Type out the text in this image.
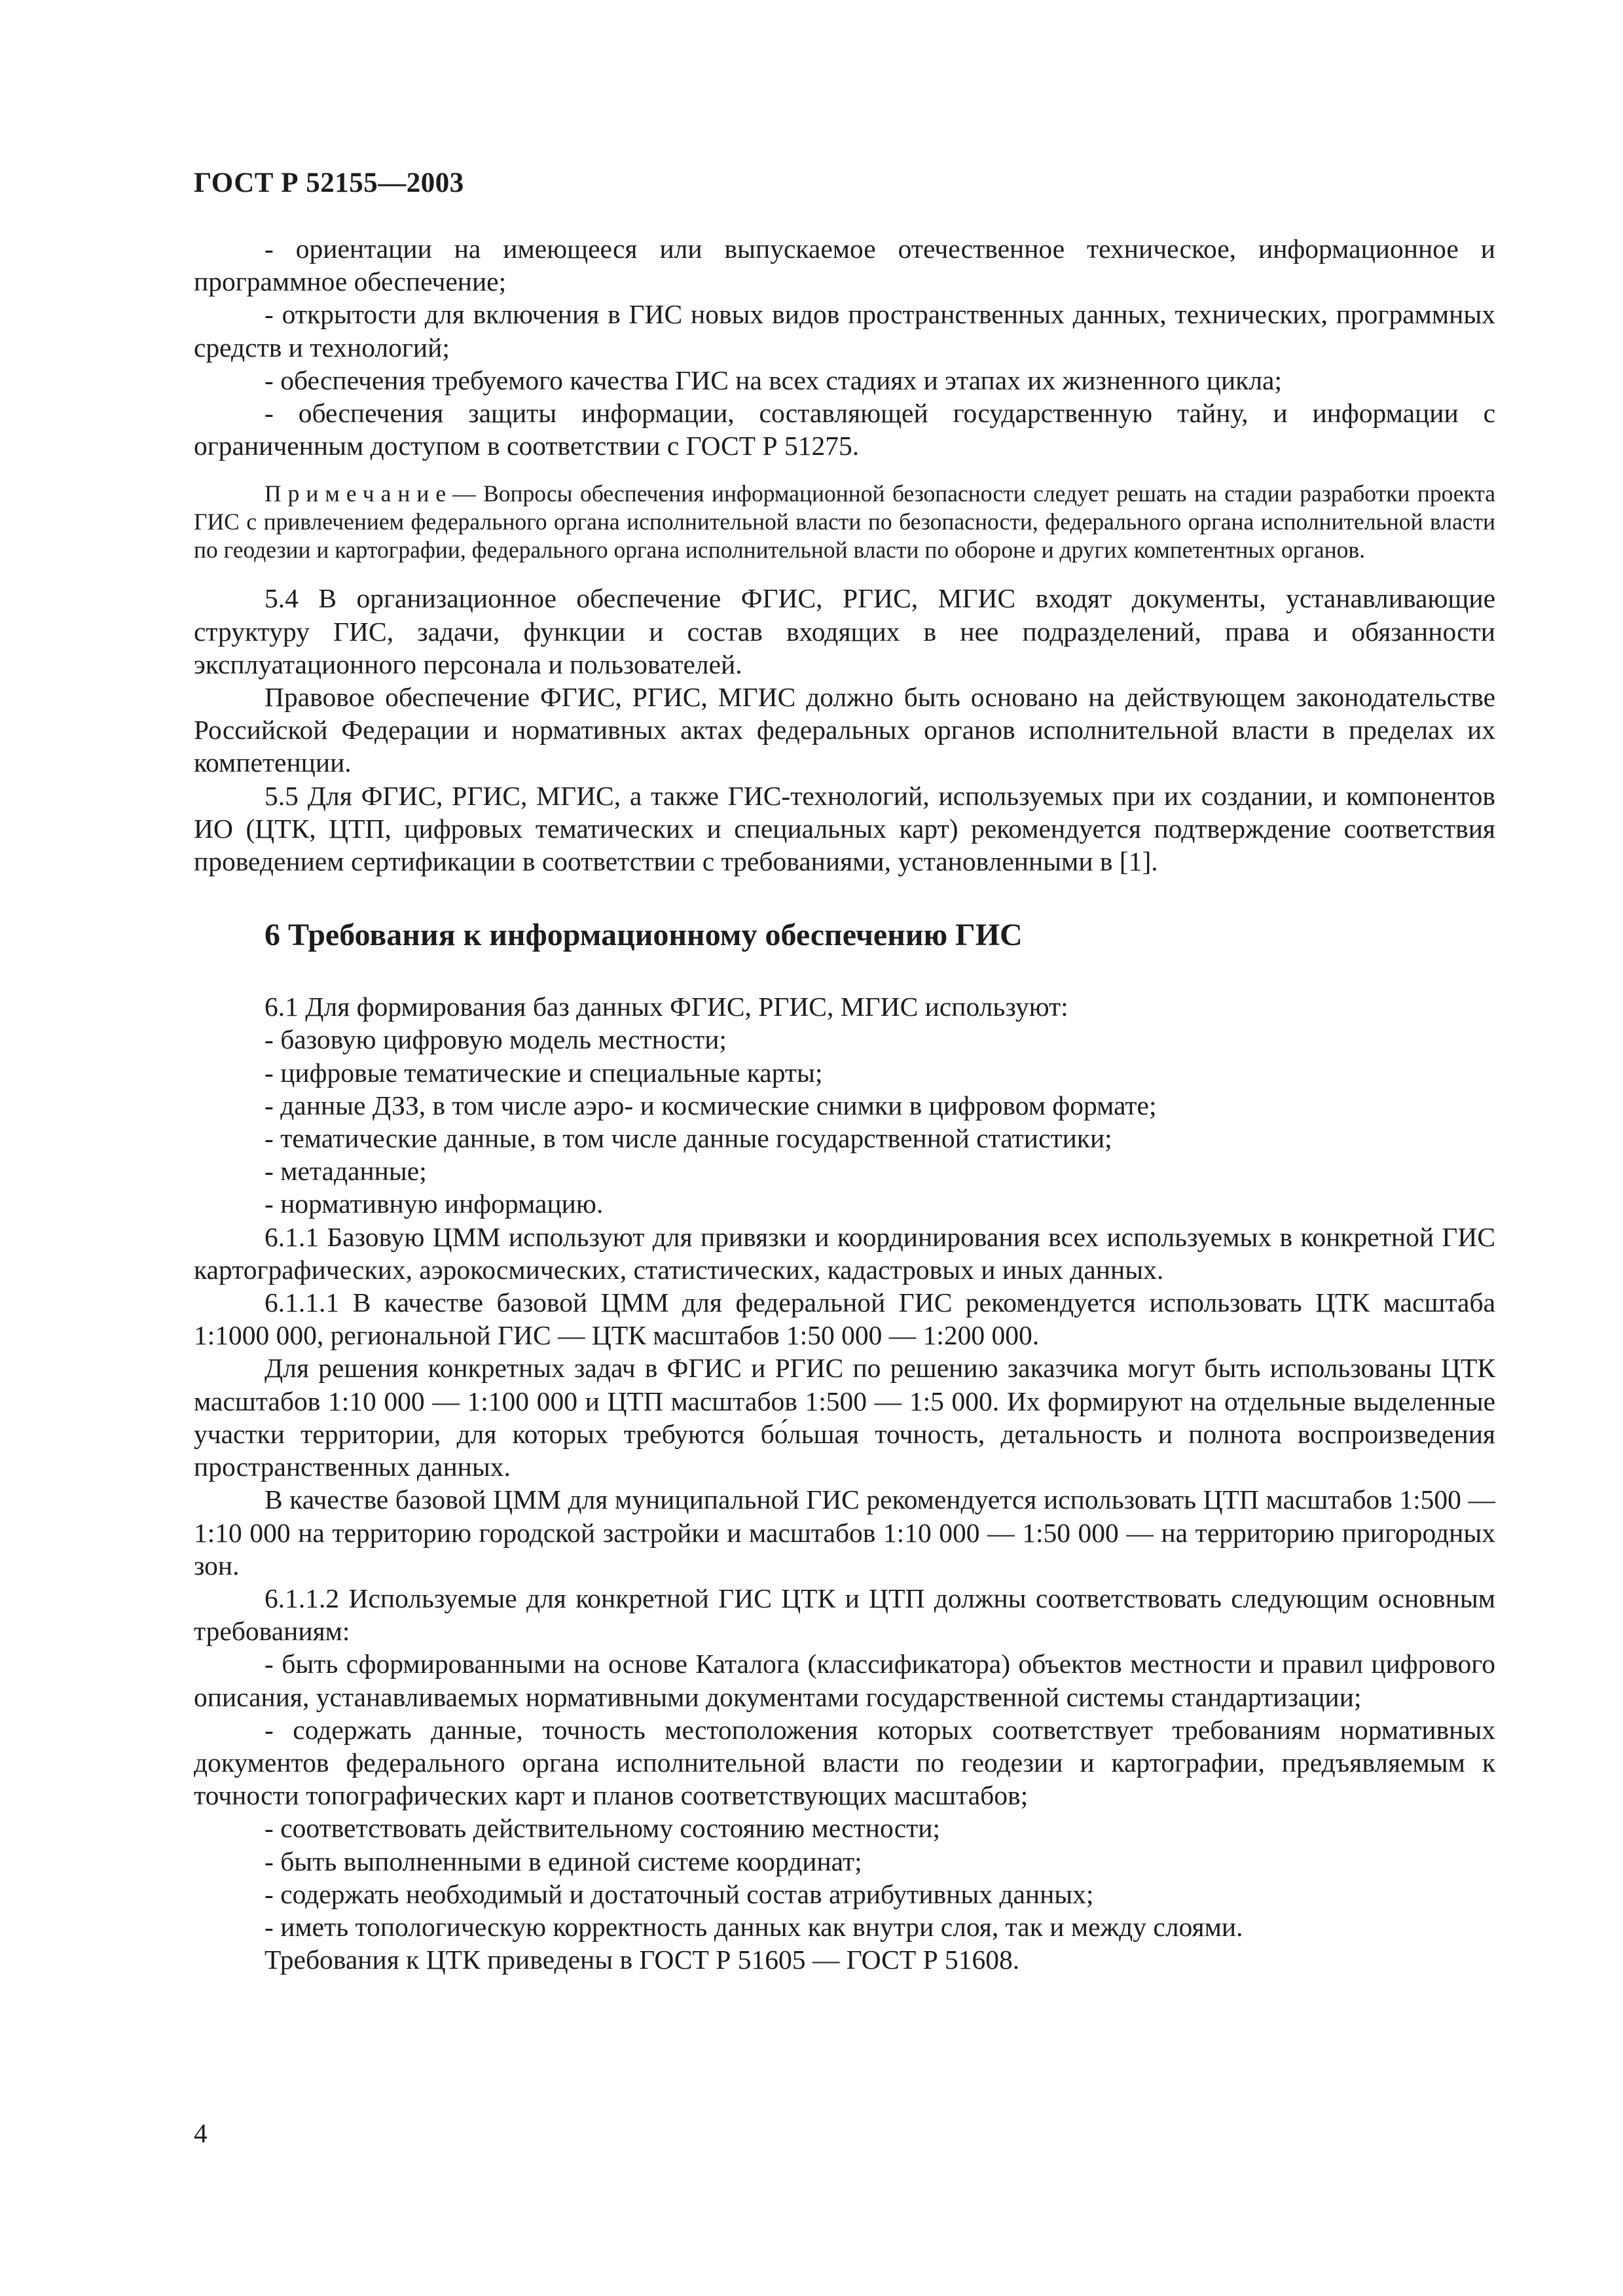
ГОСТ Р 52155—2003

- ориентации на имеющееся или выпускаемое отечественное техническое, информационное и программное обеспечение;

- открытости для включения в ГИС новых видов пространственных данных, технических, программных средств и технологий;

- обеспечения требуемого качества ГИС на всех стадиях и этапах их жизненного цикла;

- обеспечения защиты информации, составляющей государственную тайну, и информации с ограниченным доступом в соответствии с ГОСТ Р 51275.

Примечание— Вопросы обеспечения информационной безопасности следует решать на стадии разработки проекта ГИС с привлечением федерального органа исполнительной власти по безопасности, федерального органа исполнительной власти по геодезии и картографии, федерального органа исполнительной власти по обороне и других компетентных органов.

5.4 В организационное обеспечение ФГИС, РГИС, МГИС входят документы, устанавливающие структуру ГИС, задачи, функции и состав входящих в нее подразделений, права и обязанности эксплуатационного персонала и пользователей.

Правовое обеспечение ФГИС, РГИС, МГИС должно быть основано на действующем законодательстве Российской Федерации и нормативных актах федеральных органов исполнительной власти в пределах их компетенции.

5.5 Для ФГИС, РГИС, МГИС, а также ГИС-технологий, используемых при их создании, и компонентов ИО (ЦТК, ЦТП, цифровых тематических и специальных карт) рекомендуется подтверждение соответствия проведением сертификации в соответствии с требованиями, установленными в [1].

6 Требования к информационному обеспечению ГИС

6.1 Для формирования баз данных ФГИС, РГИС, МГИС используют:

- базовую цифровую модель местности;
- цифровые тематические и специальные карты;
- данные ДЗЗ, в том числе аэро- и космические снимки в цифровом формате;
- тематические данные, в том числе данные государственной статистики;
- метаданные;
- нормативную информацию.

6.1.1 Базовую ЦММ используют для привязки и координирования всех используемых в конкретной ГИС картографических, аэрокосмических, статистических, кадастровых и иных данных.

6.1.1.1 В качестве базовой ЦММ для федеральной ГИС рекомендуется использовать ЦТК масштаба 1:1000 000, региональной ГИС — ЦТК масштабов 1:50 000 — 1:200 000.

Для решения конкретных задач в ФГИС и РГИС по решению заказчика могут быть использованы ЦТК масштабов 1:10 000 — 1:100 000 и ЦТП масштабов 1:500 — 1:5 000. Их формируют на отдельные выделенные участки территории, для которых требуются бо́льшая точность, детальность и полнота воспроизведения пространственных данных.

В качестве базовой ЦММ для муниципальной ГИС рекомендуется использовать ЦТП масштабов 1:500 — 1:10 000 на территорию городской застройки и масштабов 1:10 000 — 1:50 000 — на территорию пригородных зон.

6.1.1.2 Используемые для конкретной ГИС ЦТК и ЦТП должны соответствовать следующим основным требованиям:

- быть сформированными на основе Каталога (классификатора) объектов местности и правил цифрового описания, устанавливаемых нормативными документами государственной системы стандартизации;
- содержать данные, точность местоположения которых соответствует требованиям нормативных документов федерального органа исполнительной власти по геодезии и картографии, предъявляемым к точности топографических карт и планов соответствующих масштабов;
- соответствовать действительному состоянию местности;
- быть выполненными в единой системе координат;
- содержать необходимый и достаточный состав атрибутивных данных;
- иметь топологическую корректность данных как внутри слоя, так и между слоями.

Требования к ЦТК приведены в ГОСТ Р 51605 — ГОСТ Р 51608.

4
